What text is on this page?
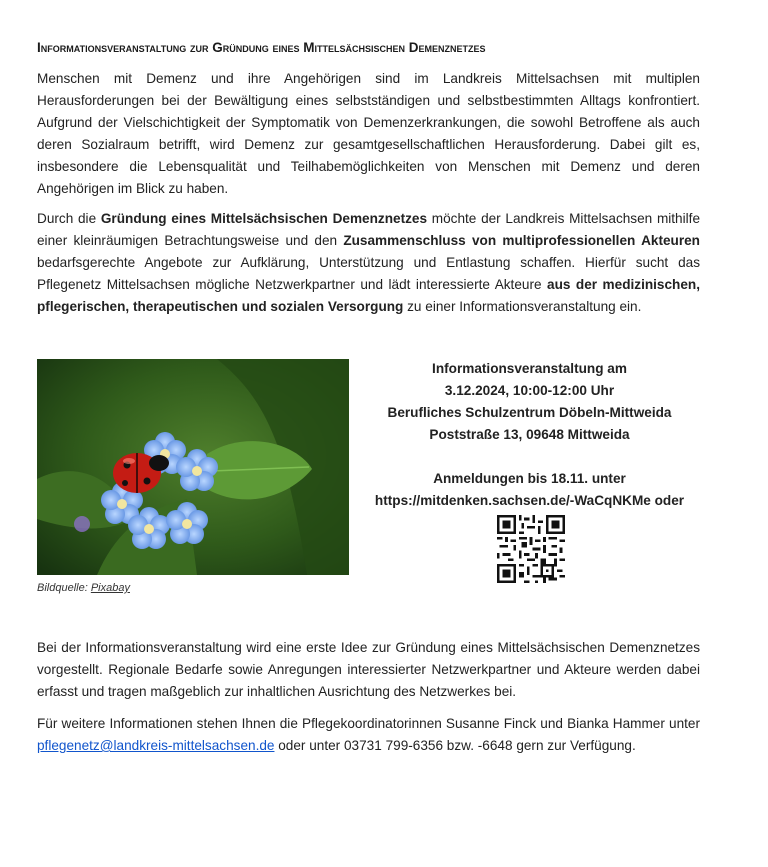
Informationsveranstaltung zur Gründung eines Mittelsächsischen Demenznetzes

Menschen mit Demenz und ihre Angehörigen sind im Landkreis Mittelsachsen mit multiplen Herausforderungen bei der Bewältigung eines selbstständigen und selbstbestimmten Alltags konfrontiert. Aufgrund der Vielschichtigkeit der Symptomatik von Demenzerkrankungen, die sowohl Betroffene als auch deren Sozialraum betrifft, wird Demenz zur gesamtgesellschaftlichen Herausforderung. Dabei gilt es, insbesondere die Lebensqualität und Teilhabemöglichkeiten von Menschen mit Demenz und deren Angehörigen im Blick zu haben.

Durch die Gründung eines Mittelsächsischen Demenznetzes möchte der Landkreis Mittelsachsen mithilfe einer kleinräumigen Betrachtungsweise und den Zusammenschluss von multiprofessionellen Akteuren bedarfsgerechte Angebote zur Aufklärung, Unterstützung und Entlastung schaffen. Hierfür sucht das Pflegenetz Mittelsachsen mögliche Netzwerkpartner und lädt interessierte Akteure aus der medizinischen, pflegerischen, therapeutischen und sozialen Versorgung zu einer Informationsveranstaltung ein.

Bildquelle: Pixabay
Informationsveranstaltung am
3.12.2024, 10:00-12:00 Uhr
Berufliches Schulzentrum Döbeln-Mittweida
Poststraße 13, 09648 Mittweida
Anmeldungen bis 18.11. unter
https://mitdenken.sachsen.de/-WaCqNKMe oder

Bei der Informationsveranstaltung wird eine erste Idee zur Gründung eines Mittelsächsischen Demenznetzes vorgestellt. Regionale Bedarfe sowie Anregungen interessierter Netzwerkpartner und Akteure werden dabei erfasst und tragen maßgeblich zur inhaltlichen Ausrichtung des Netzwerkes bei.

Für weitere Informationen stehen Ihnen die Pflegekoordinatorinnen Susanne Finck und Bianka Hammer unter pflegenetz@landkreis-mittelsachsen.de oder unter 03731 799-6356 bzw. -6648 gern zur Verfügung.
